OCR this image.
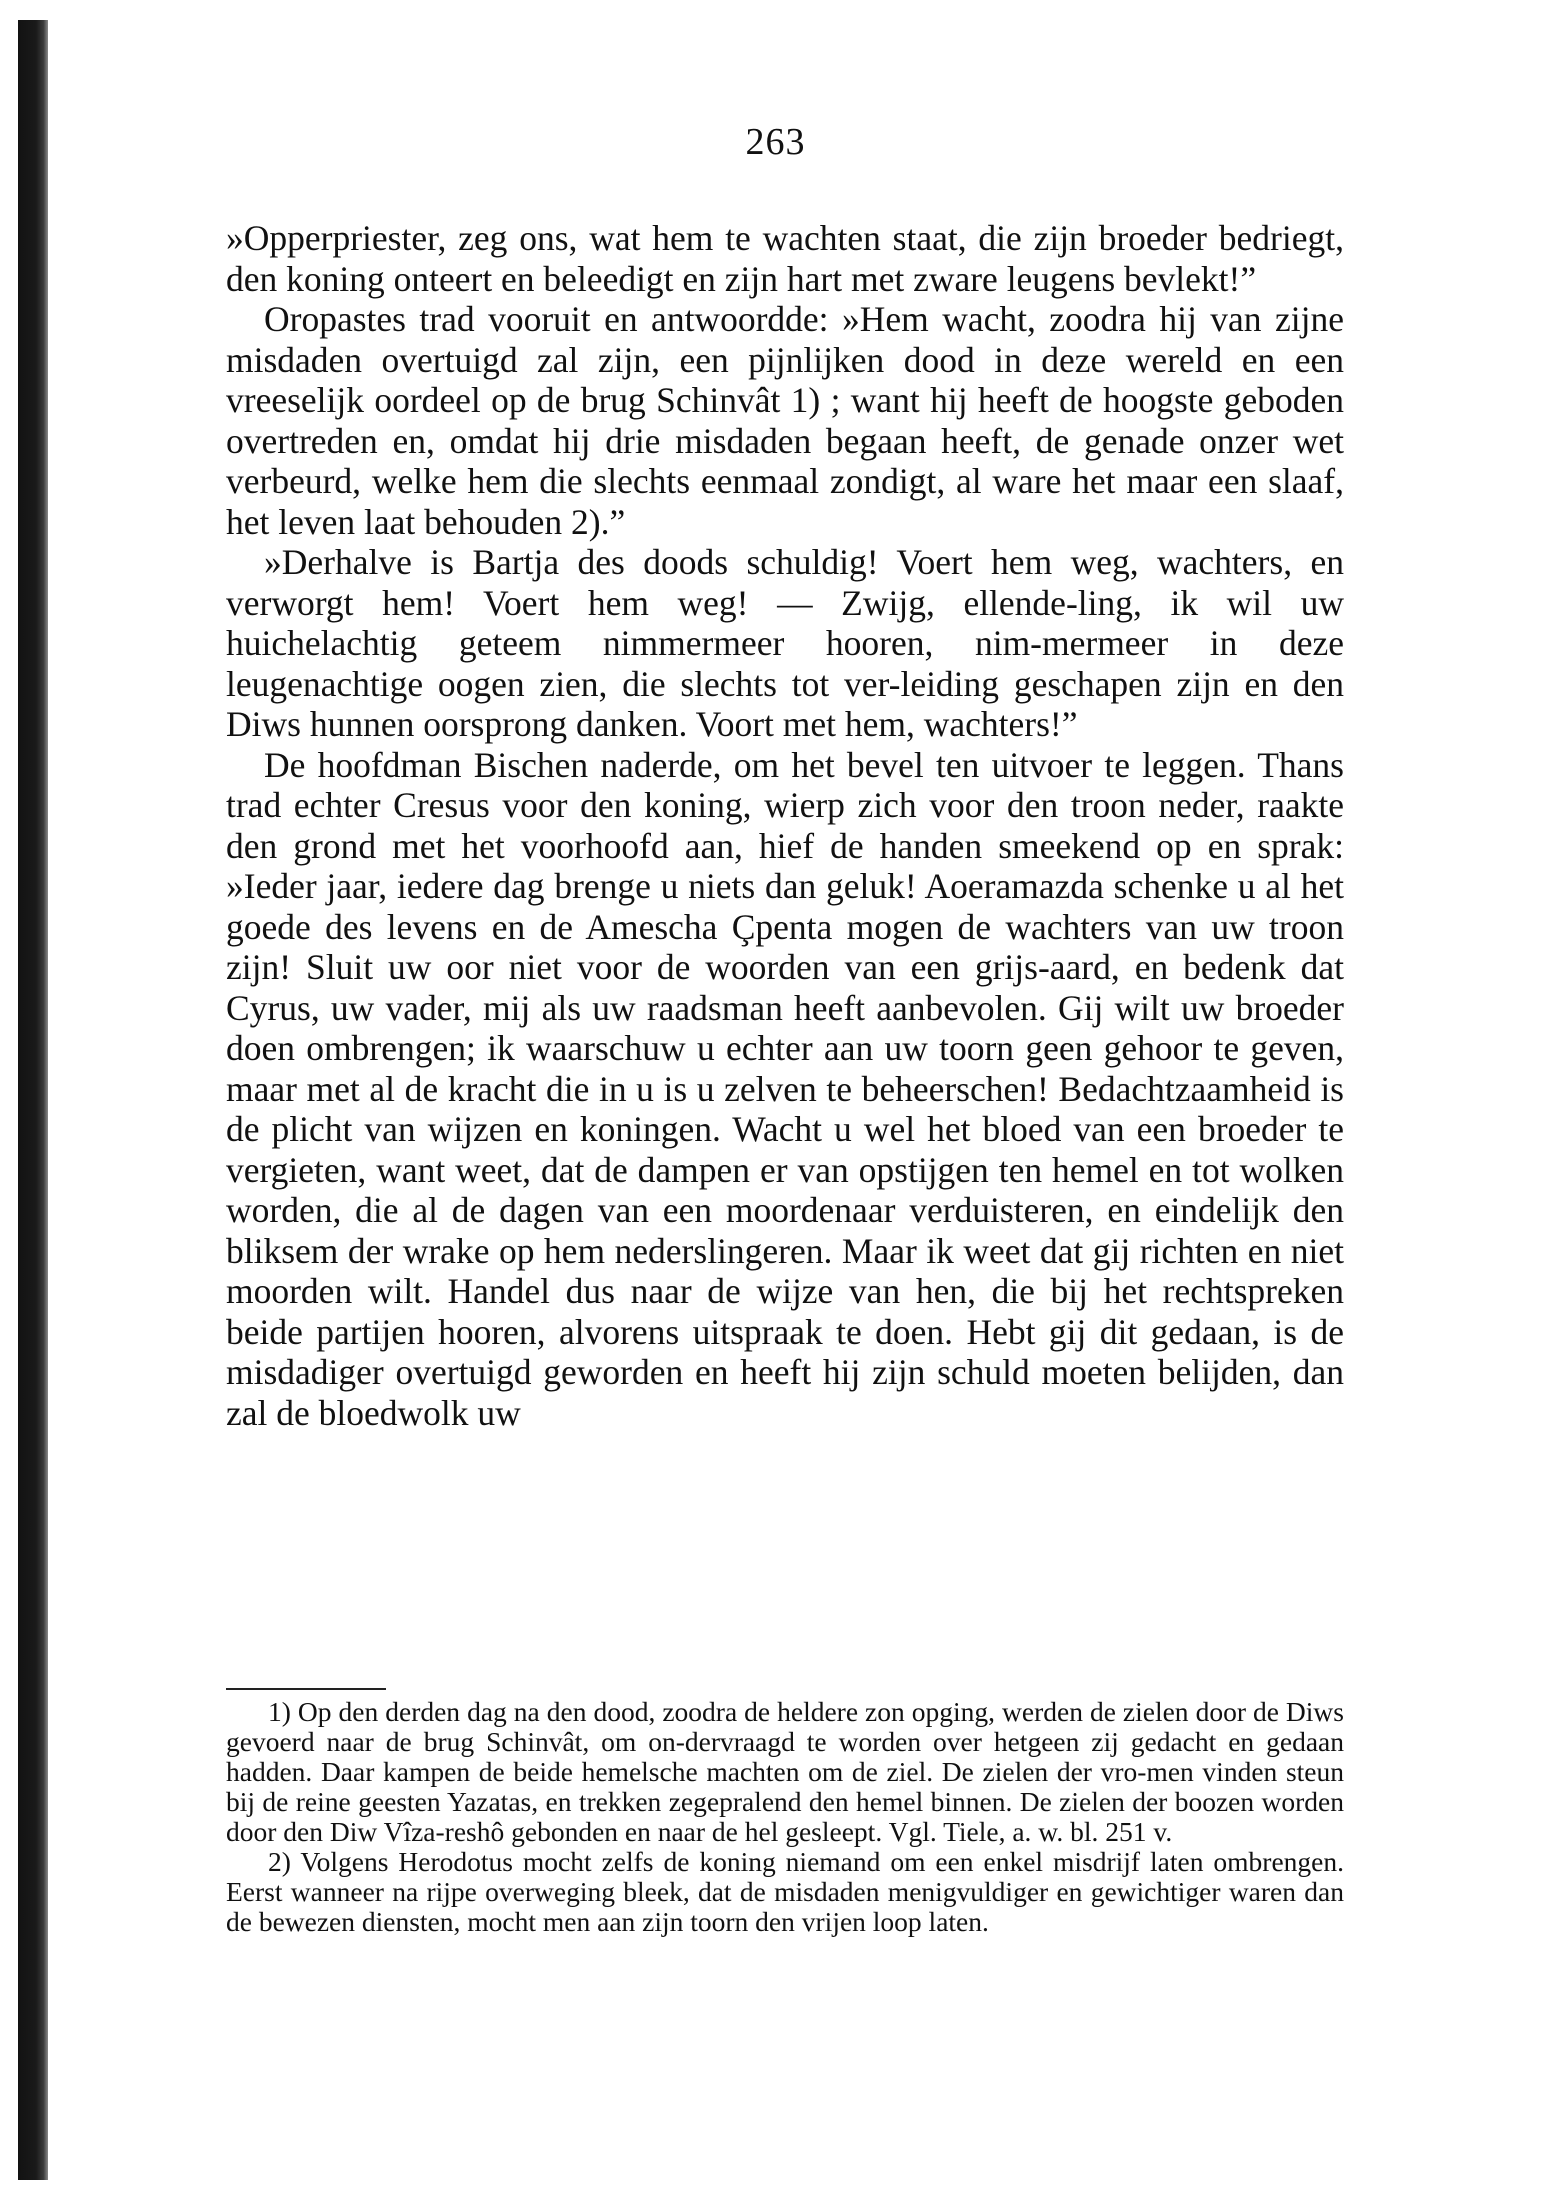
263

»Opperpriester, zeg ons, wat hem te wachten staat, die zijn broeder bedriegt, den koning onteert en beleedigt en zijn hart met zware leugens bevlekt!”

Oropastes trad vooruit en antwoordde: »Hem wacht, zoodra hij van zijne misdaden overtuigd zal zijn, een pijnlijken dood in deze wereld en een vreeselijk oordeel op de brug Schinvât 1) ; want hij heeft de hoogste geboden overtreden en, omdat hij drie misdaden begaan heeft, de genade onzer wet verbeurd, welke hem die slechts eenmaal zondigt, al ware het maar een slaaf, het leven laat behouden 2).”

»Derhalve is Bartja des doods schuldig! Voert hem weg, wachters, en verworgt hem! Voert hem weg! — Zwijg, ellende-ling, ik wil uw huichelachtig geteem nimmermeer hooren, nim-mermeer in deze leugenachtige oogen zien, die slechts tot ver-leiding geschapen zijn en den Diws hunnen oorsprong danken. Voort met hem, wachters!”

De hoofdman Bischen naderde, om het bevel ten uitvoer te leggen. Thans trad echter Cresus voor den koning, wierp zich voor den troon neder, raakte den grond met het voorhoofd aan, hief de handen smeekend op en sprak: »Ieder jaar, iedere dag brenge u niets dan geluk! Aoeramazda schenke u al het goede des levens en de Amescha Çpenta mogen de wachters van uw troon zijn! Sluit uw oor niet voor de woorden van een grijs-aard, en bedenk dat Cyrus, uw vader, mij als uw raadsman heeft aanbevolen. Gij wilt uw broeder doen ombrengen; ik waarschuw u echter aan uw toorn geen gehoor te geven, maar met al de kracht die in u is u zelven te beheerschen! Bedachtzaamheid is de plicht van wijzen en koningen. Wacht u wel het bloed van een broeder te vergieten, want weet, dat de dampen er van opstijgen ten hemel en tot wolken worden, die al de dagen van een moordenaar verduisteren, en eindelijk den bliksem der wrake op hem nederslingeren. Maar ik weet dat gij richten en niet moorden wilt. Handel dus naar de wijze van hen, die bij het rechtspreken beide partijen hooren, alvorens uitspraak te doen. Hebt gij dit gedaan, is de misdadiger overtuigd geworden en heeft hij zijn schuld moeten belijden, dan zal de bloedwolk uw

1) Op den derden dag na den dood, zoodra de heldere zon opging, werden de zielen door de Diws gevoerd naar de brug Schinvât, om on-dervraagd te worden over hetgeen zij gedacht en gedaan hadden. Daar kampen de beide hemelsche machten om de ziel. De zielen der vro-men vinden steun bij de reine geesten Yazatas, en trekken zegepralend den hemel binnen. De zielen der boozen worden door den Diw Vîza-reshô gebonden en naar de hel gesleept. Vgl. Tiele, a. w. bl. 251 v.

2) Volgens Herodotus mocht zelfs de koning niemand om een enkel misdrijf laten ombrengen. Eerst wanneer na rijpe overweging bleek, dat de misdaden menigvuldiger en gewichtiger waren dan de bewezen diensten, mocht men aan zijn toorn den vrijen loop laten.
